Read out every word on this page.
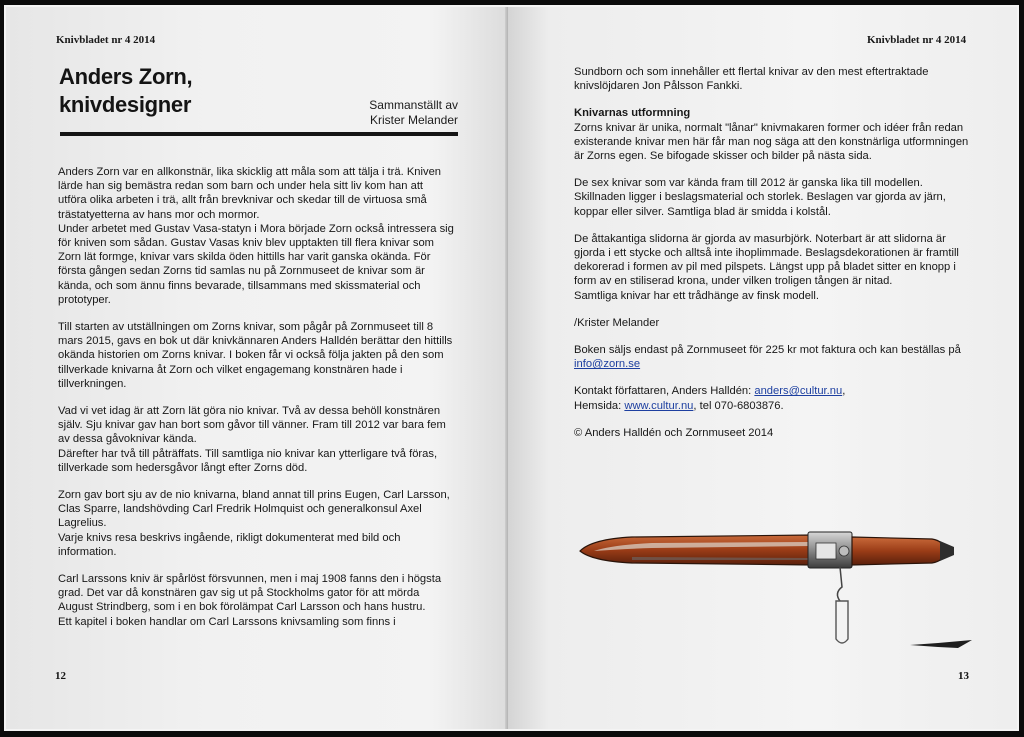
Knivbladet nr 4 2014
Anders Zorn,
knivdesigner	Sammanställt av
Krister Melander

Anders Zorn var en allkonstnär, lika skicklig att måla som att tälja i trä. Kniven lärde han sig bemästra redan som barn och under hela sitt liv kom han att utföra olika arbeten i trä, allt från brevknivar och skedar till de virtuosa små trästatyetterna av hans mor och mormor.
Under arbetet med Gustav Vasa-statyn i Mora började Zorn också intressera sig för kniven som sådan. Gustav Vasas kniv blev upptakten till flera knivar som Zorn lät formge, knivar vars skilda öden hittills har varit ganska okända. För första gången sedan Zorns tid samlas nu på Zornmuseet de knivar som är kända, och som ännu finns bevarade, tillsammans med skissmaterial och prototyper.

Till starten av utställningen om Zorns knivar, som pågår på Zornmuseet till 8 mars 2015, gavs en bok ut där knivkännaren Anders Halldén berättar den hittills okända historien om Zorns knivar. I boken får vi också följa jakten på den som tillverkade knivarna åt Zorn och vilket engagemang konstnären hade i tillverkningen.

Vad vi vet idag är att Zorn lät göra nio knivar. Två av dessa behöll konstnären själv. Sju knivar gav han bort som gåvor till vänner. Fram till 2012 var bara fem av dessa gåvoknivar kända.
Därefter har två till påträffats. Till samtliga nio knivar kan ytterligare två föras, tillverkade som hedersgåvor långt efter Zorns död.

Zorn gav bort sju av de nio knivarna, bland annat till prins Eugen, Carl Larsson, Clas Sparre, landshövding Carl Fredrik Holmquist och generalkonsul Axel Lagrelius.
Varje knivs resa beskrivs ingående, rikligt dokumenterat med bild och information.

Carl Larssons kniv är spårlöst försvunnen, men i maj 1908 fanns den i högsta grad. Det var då konstnären gav sig ut på Stockholms gator för att mörda August Strindberg, som i en bok förolämpat Carl Larsson och hans hustru.
Ett kapitel i boken handlar om Carl Larssons knivsamling som finns i

12
Knivbladet nr 4 2014

Sundborn och som innehåller ett flertal knivar av den mest eftertraktade knivslöjdaren Jon Pålsson Fankki.

Knivarnas utformning
Zorns knivar är unika, normalt "lånar" knivmakaren former och idéer från redan existerande knivar men här får man nog säga att den konstnärliga utformningen är Zorns egen. Se bifogade skisser och bilder på nästa sida.

De sex knivar som var kända fram till 2012 är ganska lika till modellen. Skillnaden ligger i beslagsmaterial och storlek. Beslagen var gjorda av järn, koppar eller silver. Samtliga blad är smidda i kolstål.

De åttakantiga slidorna är gjorda av masurbjörk. Noterbart är att slidorna är gjorda i ett stycke och alltså inte ihoplimmade. Beslagsdekorationen är framtill dekorerad i formen av pil med pilspets. Längst upp på bladet sitter en knopp i form av en stiliserad krona, under vilken troligen tången är nitad.
Samtliga knivar har ett trådhänge av finsk modell.

/Krister Melander

Boken säljs endast på Zornmuseet för 225 kr mot faktura och kan beställas på info@zorn.se

Kontakt författaren, Anders Halldén: anders@cultur.nu,
Hemsida: www.cultur.nu, tel 070-6803876.

© Anders Halldén och Zornmuseet 2014

13
